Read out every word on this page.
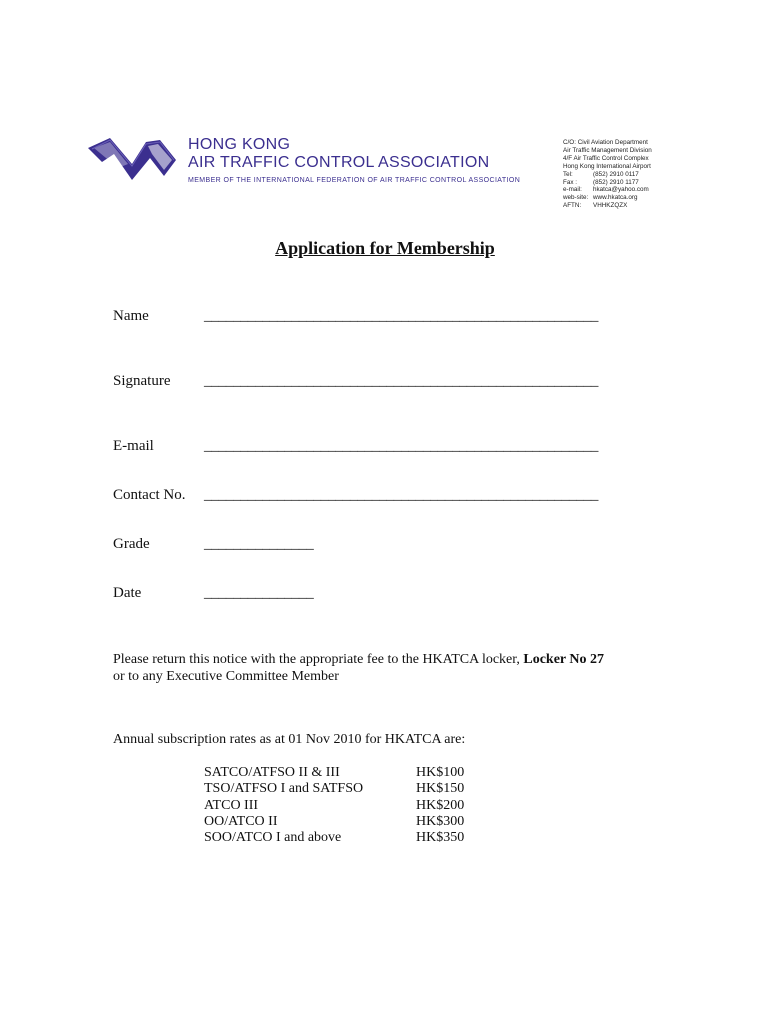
HONG KONG
AIR TRAFFIC CONTROL ASSOCIATION
MEMBER OF THE INTERNATIONAL FEDERATION OF AIR TRAFFIC CONTROL ASSOCIATION
C/O: Civil Aviation Department
Air Traffic Management Division
4/F Air Traffic Control Complex
Hong Kong International Airport
Tel:	(852) 2910 0117
Fax :	(852) 2910 1177
e-mail: hkatca@yahoo.com
web-site: www.hkatca.org
AFTN: VHHKZQZX
Application for Membership
Name	______________________________________________________
Signature ______________________________________________________
E-mail	______________________________________________________
Contact No. ______________________________________________________
Grade	_______________
Date	_______________
Please return this notice with the appropriate fee to the HKATCA locker, Locker No 27
or to any Executive Committee Member
Annual subscription rates as at 01 Nov 2010 for HKATCA are:
SATCO/ATFSO II & III	HK$100
TSO/ATFSO I and SATFSO	HK$150
ATCO III	HK$200
OO/ATCO II	HK$300
SOO/ATCO I and above	HK$350
